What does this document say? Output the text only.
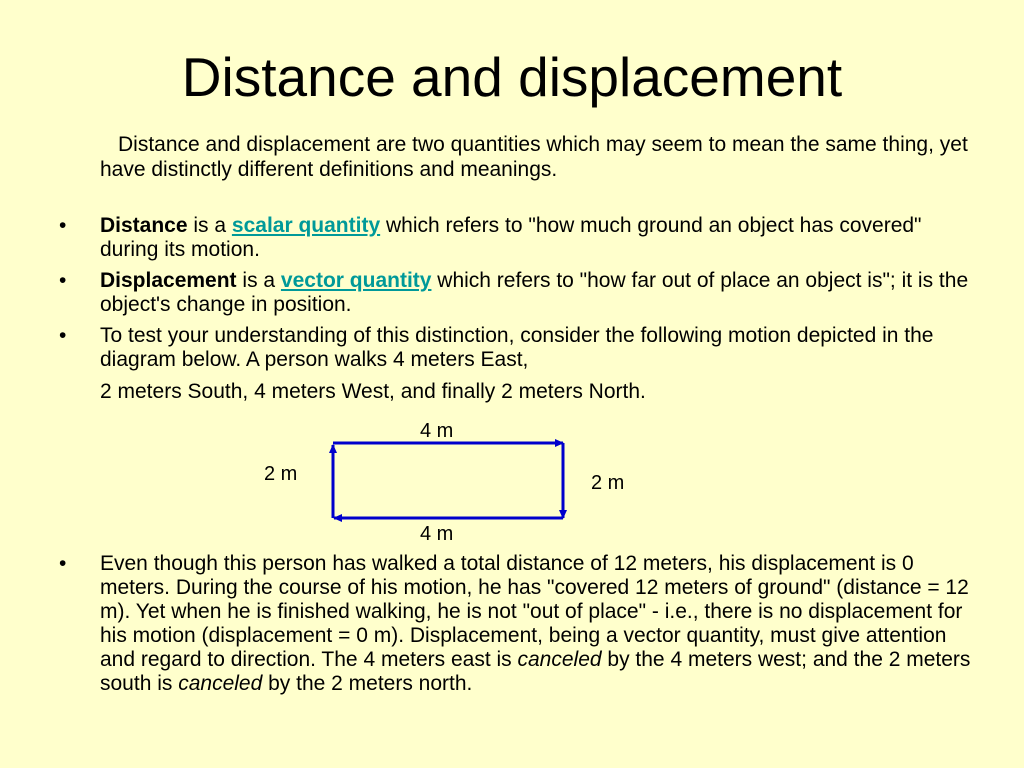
Distance and displacement
Distance and displacement are two quantities which may seem to mean the same thing, yet have distinctly different definitions and meanings.
• Distance is a scalar quantity which refers to "how much ground an object has covered" during its motion.
• Displacement is a vector quantity which refers to "how far out of place an object is"; it is the object's change in position.
• To test your understanding of this distinction, consider the following motion depicted in the diagram below. A person walks 4 meters East,
2 meters South, 4 meters West, and finally 2 meters North.
4 m
2 m	2 m
4 m
• Even though this person has walked a total distance of 12 meters, his displacement is 0 meters. During the course of his motion, he has "covered 12 meters of ground" (distance = 12 m). Yet when he is finished walking, he is not "out of place" - i.e., there is no displacement for his motion (displacement = 0 m). Displacement, being a vector quantity, must give attention and regard to direction. The 4 meters east is canceled by the 4 meters west; and the 2 meters south is canceled by the 2 meters north.
